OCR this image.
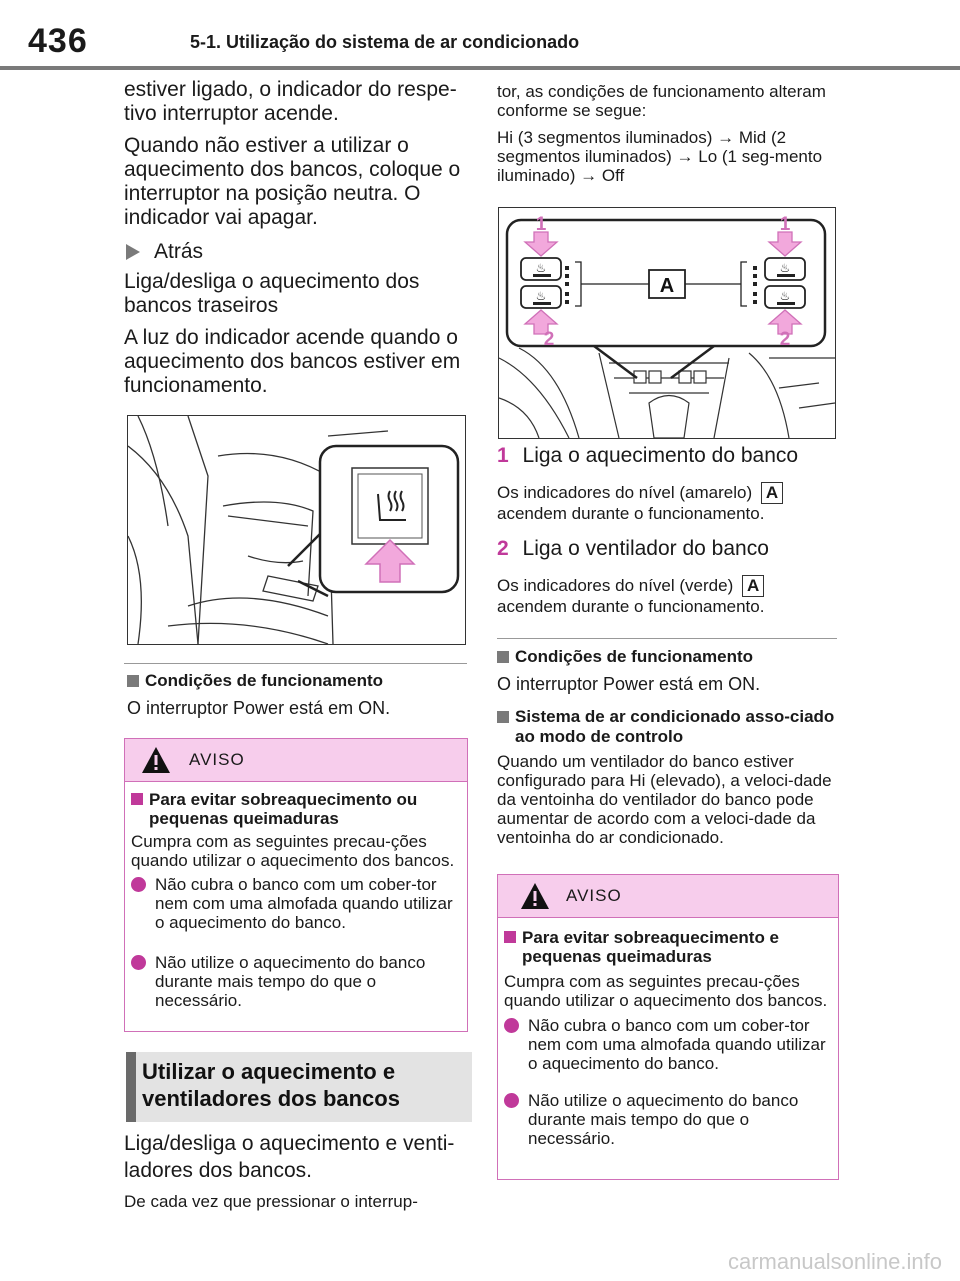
436	5-1. Utilização do sistema de ar condicionado

estiver ligado, o indicador do respe-tivo interruptor acende.

Quando não estiver a utilizar o aquecimento dos bancos, coloque o interruptor na posição neutra. O indicador vai apagar.

Atrás

Liga/desliga o aquecimento dos bancos traseiros

A luz do indicador acende quando o aquecimento dos bancos estiver em funcionamento.

Condições de funcionamento
O interruptor Power está em ON.
AVISO
Para evitar sobreaquecimento ou pequenas queimaduras
Cumpra com as seguintes precau-ções quando utilizar o aquecimento dos bancos.
Não cubra o banco com um cober-tor nem com uma almofada quando utilizar o aquecimento do banco.
Não utilize o aquecimento do banco durante mais tempo do que o necessário.
Utilizar o aquecimento e ventiladores dos bancos
Liga/desliga o aquecimento e venti-ladores dos bancos.
De cada vez que pressionar o interrup-
tor, as condições de funcionamento alteram conforme se segue:
Hi (3 segmentos iluminados) → Mid (2 segmentos iluminados) → Lo (1 seg-mento iluminado) → Off
♨
♨
♨
♨
A
1	1
2	2
1 Liga o aquecimento do banco
Os indicadores do nível (amarelo) A
acendem durante o funcionamento.
2 Liga o ventilador do banco
Os indicadores do nível (verde) A
acendem durante o funcionamento.
Condições de funcionamento
O interruptor Power está em ON.
Sistema de ar condicionado asso-ciado ao modo de controlo
Quando um ventilador do banco estiver configurado para Hi (elevado), a veloci-dade da ventoinha do ventilador do banco pode aumentar de acordo com a veloci-dade da ventoinha do ar condicionado.
AVISO
Para evitar sobreaquecimento e pequenas queimaduras
Cumpra com as seguintes precau-ções quando utilizar o aquecimento dos bancos.
Não cubra o banco com um cober-tor nem com uma almofada quando utilizar o aquecimento do banco.
Não utilize o aquecimento do banco durante mais tempo do que o necessário.
carmanualsonline.info
